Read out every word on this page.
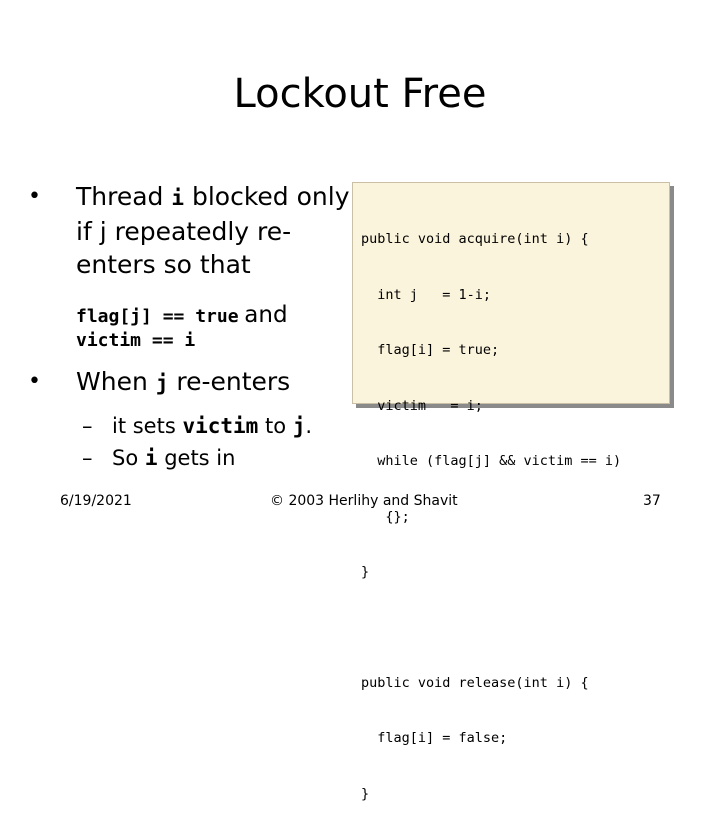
Lockout Free
• Thread i blocked only if j repeatedly re-enters so that
flag[j] == true and
victim == i
• When j re-enters
– it sets victim to j.
– So i gets in

public void acquire(int i) {

int j   = 1-i;

flag[i] = true;

victim   = i;

while (flag[j] && victim == i)

{};

}

public void release(int i) {

flag[i] = false;

}

6/19/2021	© 2003 Herlihy and Shavit	37
